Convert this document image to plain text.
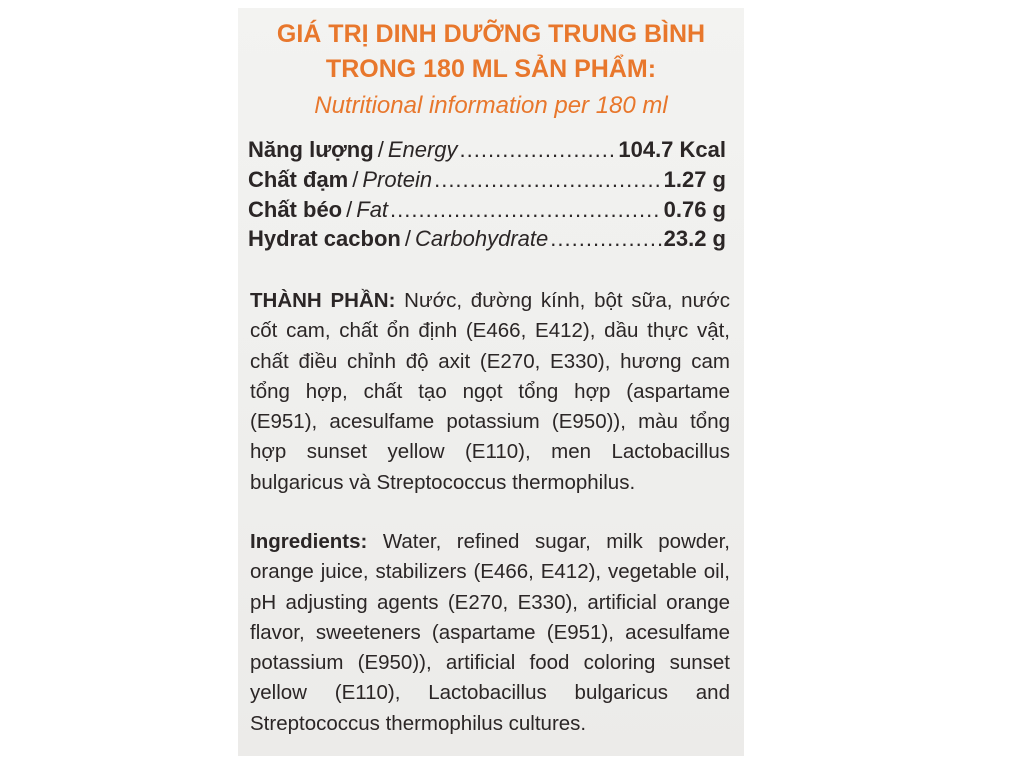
GIÁ TRỊ DINH DƯỠNG TRUNG BÌNH
TRONG 180 ML SẢN PHẨM:
Nutritional information per 180 ml
Năng lượng / Energy .....	104.7 Kcal
Chất đạm / Protein .....	1.27 g
Chất béo / Fat .....	0.76 g
Hydrat cacbon / Carbohydrate .....	23.2 g
THÀNH PHẦN: Nước, đường kính, bột sữa, nước cốt cam, chất ổn định (E466, E412), dầu thực vật, chất điều chỉnh độ axit (E270, E330), hương cam tổng hợp, chất tạo ngọt tổng hợp (aspartame (E951), acesulfame potassium (E950)), màu tổng hợp sunset yellow (E110), men Lactobacillus bulgaricus và Streptococcus thermophilus.
Ingredients: Water, refined sugar, milk powder, orange juice, stabilizers (E466, E412), vegetable oil, pH adjusting agents (E270, E330), artificial orange flavor, sweeteners (aspartame (E951), acesulfame potassium (E950)), artificial food coloring sunset yellow (E110), Lactobacillus bulgaricus and Streptococcus thermophilus cultures.
